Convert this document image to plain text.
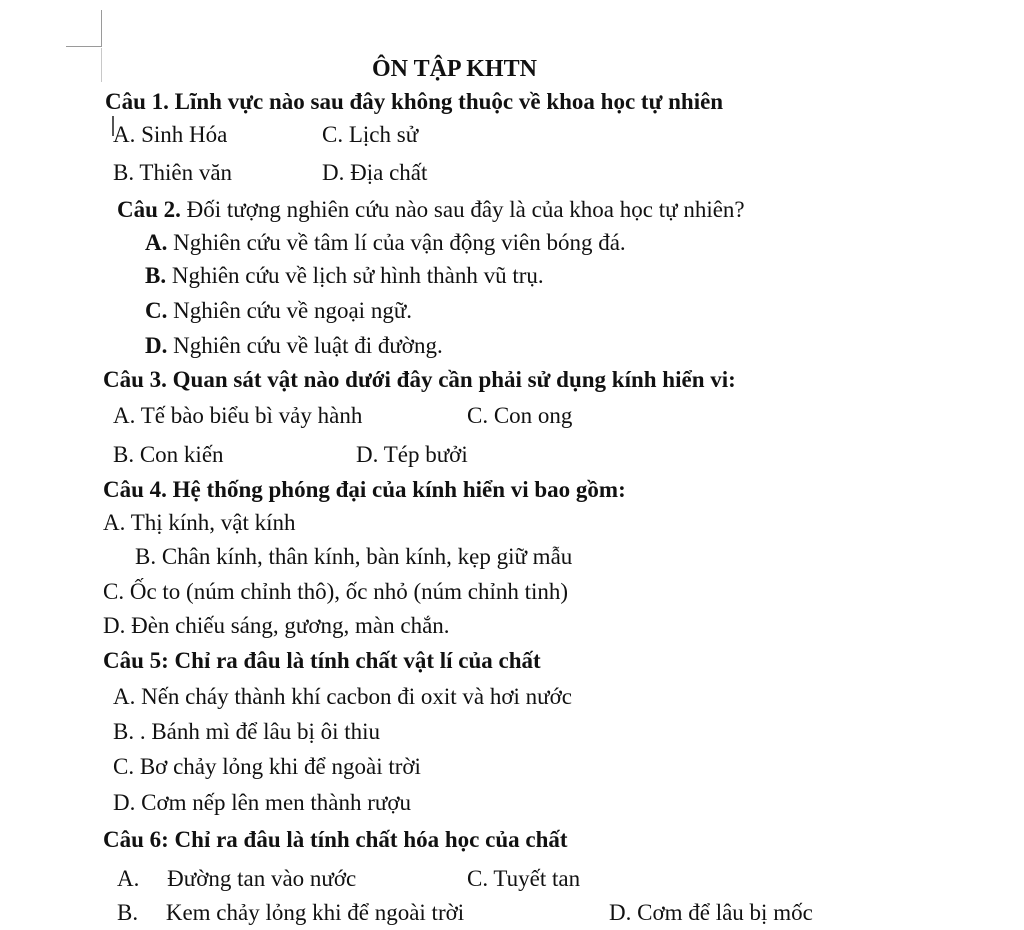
ÔN TẬP KHTN
Câu 1. Lĩnh vực nào sau đây không thuộc về khoa học tự nhiên
A. Sinh Hóa	C. Lịch sử
B. Thiên văn	D. Địa chất
Câu 2. Đối tượng nghiên cứu nào sau đây là của khoa học tự nhiên?
A. Nghiên cứu về tâm lí của vận động viên bóng đá.
B. Nghiên cứu về lịch sử hình thành vũ trụ.
C. Nghiên cứu về ngoại ngữ.
D. Nghiên cứu về luật đi đường.
Câu 3. Quan sát vật nào dưới đây cần phải sử dụng kính hiển vi:
A. Tế bào biểu bì vảy hành	C. Con ong
B. Con kiến	D. Tép bưởi
Câu 4. Hệ thống phóng đại của kính hiển vi bao gồm:
A. Thị kính, vật kính
B. Chân kính, thân kính, bàn kính, kẹp giữ mẫu
C. Ốc to (núm chỉnh thô), ốc nhỏ (núm chỉnh tinh)
D. Đèn chiếu sáng, gương, màn chắn.
Câu 5: Chỉ ra đâu là tính chất vật lí của chất
A. Nến cháy thành khí cacbon đi oxit và hơi nước
B. . Bánh mì để lâu bị ôi thiu
C. Bơ chảy lỏng khi để ngoài trời
D. Cơm nếp lên men thành rượu
Câu 6: Chỉ ra đâu là tính chất hóa học của chất
A. Đường tan vào nước	C. Tuyết tan
B. Kem chảy lỏng khi để ngoài trời	D. Cơm để lâu bị mốc
